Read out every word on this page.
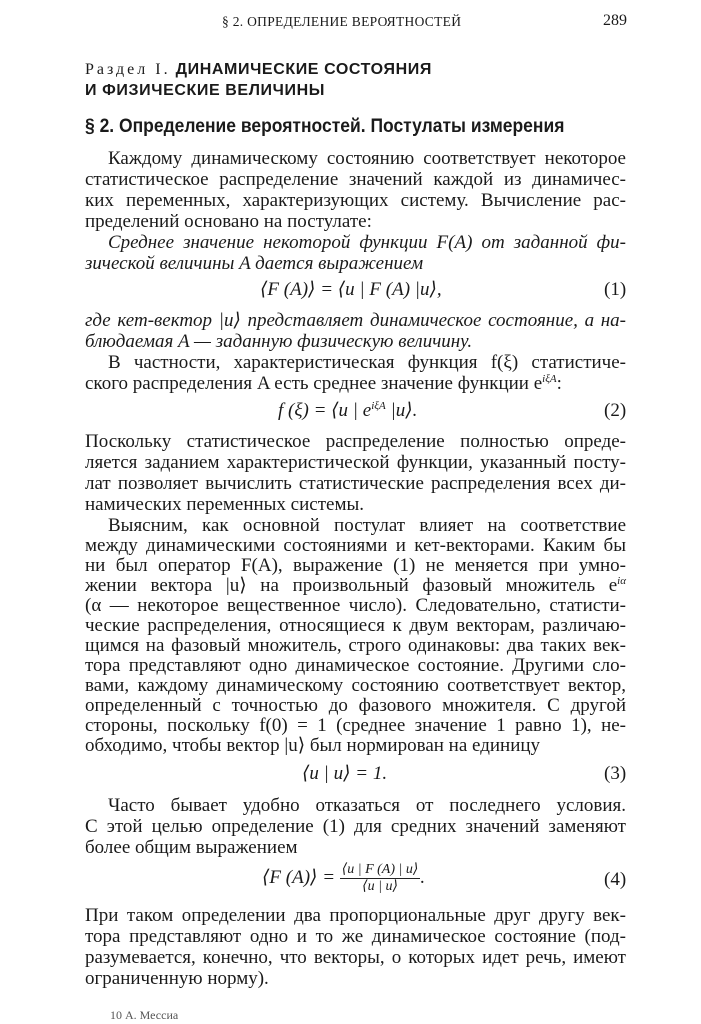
§ 2. ОПРЕДЕЛЕНИЕ ВЕРОЯТНОСТЕЙ	289
Раздел I. ДИНАМИЧЕСКИЕ СОСТОЯНИЯ
И ФИЗИЧЕСКИЕ ВЕЛИЧИНЫ
§ 2. Определение вероятностей. Постулаты измерения
Каждому динамическому состоянию соответствует некоторое
статистическое распределение значений каждой из динамичес-
ких переменных, характеризующих систему. Вычисление рас-
пределений основано на постулате:
Среднее значение некоторой функции F(A) от заданной фи-
зической величины A дается выражением
⟨F (A)⟩ = ⟨u | F (A) |u⟩,	(1)
где кет-вектор |u⟩ представляет динамическое состояние, а на-
блюдаемая A — заданную физическую величину.
В частности, характеристическая функция f(ξ) статистиче-
ского распределения A есть среднее значение функции $e^{i\xi A}$:
f (ξ) = ⟨u | $e^{i\xi A}$ |u⟩.	(2)
Поскольку статистическое распределение полностью опреде-
ляется заданием характеристической функции, указанный посту-
лат позволяет вычислить статистические распределения всех ди-
намических переменных системы.
Выясним, как основной постулат влияет на соответствие
между динамическими состояниями и кет-векторами. Каким бы
ни был оператор F(A), выражение (1) не меняется при умно-
жении вектора |u⟩ на произвольный фазовый множитель $e^{i\alpha}$
(α — некоторое вещественное число). Следовательно, статисти-
ческие распределения, относящиеся к двум векторам, различаю-
щимся на фазовый множитель, строго одинаковы: два таких век-
тора представляют одно динамическое состояние. Другими сло-
вами, каждому динамическому состоянию соответствует вектор,
определенный с точностью до фазового множителя. С другой
стороны, поскольку f(0) = 1 (среднее значение 1 равно 1), не-
обходимо, чтобы вектор |u⟩ был нормирован на единицу
⟨u | u⟩ = 1.	(3)
Часто бывает удобно отказаться от последнего условия.
С этой целью определение (1) для средних значений заменяют
более общим выражением
⟨F (A)⟩ = $\frac{⟨u | F (A) | u⟩}{⟨u | u⟩}$ .	(4)
При таком определении два пропорциональные друг другу век-
тора представляют одно и то же динамическое состояние (под-
разумевается, конечно, что векторы, о которых идет речь, имеют
ограниченную норму).
10 А. Мессиа
